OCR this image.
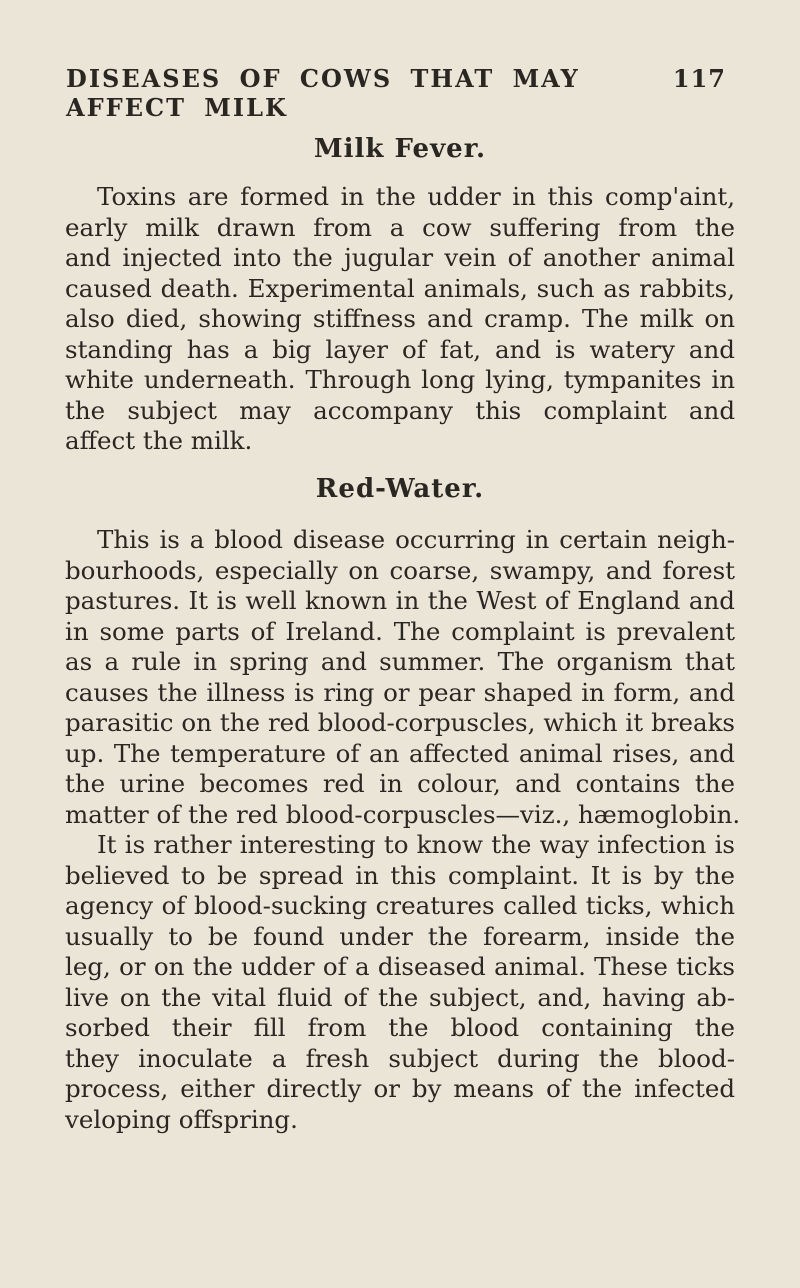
DISEASES OF COWS THAT MAY AFFECT MILK
117
Milk Fever.
Toxins are formed in the udder in this comp'aint,
early milk drawn from a cow suffering from the
and injected into the jugular vein of another animal
caused death. Experimental animals, such as rabbits,
also died, showing stiffness and cramp. The milk on
standing has a big layer of fat, and is watery and
white underneath. Through long lying, tympanites in
the subject may accompany this complaint and
affect the milk.
Red-Water.
This is a blood disease occurring in certain neigh-
bourhoods, especially on coarse, swampy, and forest
pastures. It is well known in the West of England and
in some parts of Ireland. The complaint is prevalent
as a rule in spring and summer. The organism that
causes the illness is ring or pear shaped in form, and
parasitic on the red blood-corpuscles, which it breaks
up. The temperature of an affected animal rises, and
the urine becomes red in colour, and contains the
matter of the red blood-corpuscles—viz., hæmoglobin.
It is rather interesting to know the way infection is
believed to be spread in this complaint. It is by the
agency of blood-sucking creatures called ticks, which
usually to be found under the forearm, inside the
leg, or on the udder of a diseased animal. These ticks
live on the vital fluid of the subject, and, having ab-
sorbed their fill from the blood containing the
they inoculate a fresh subject during the blood-
process, either directly or by means of the infected
veloping offspring.
